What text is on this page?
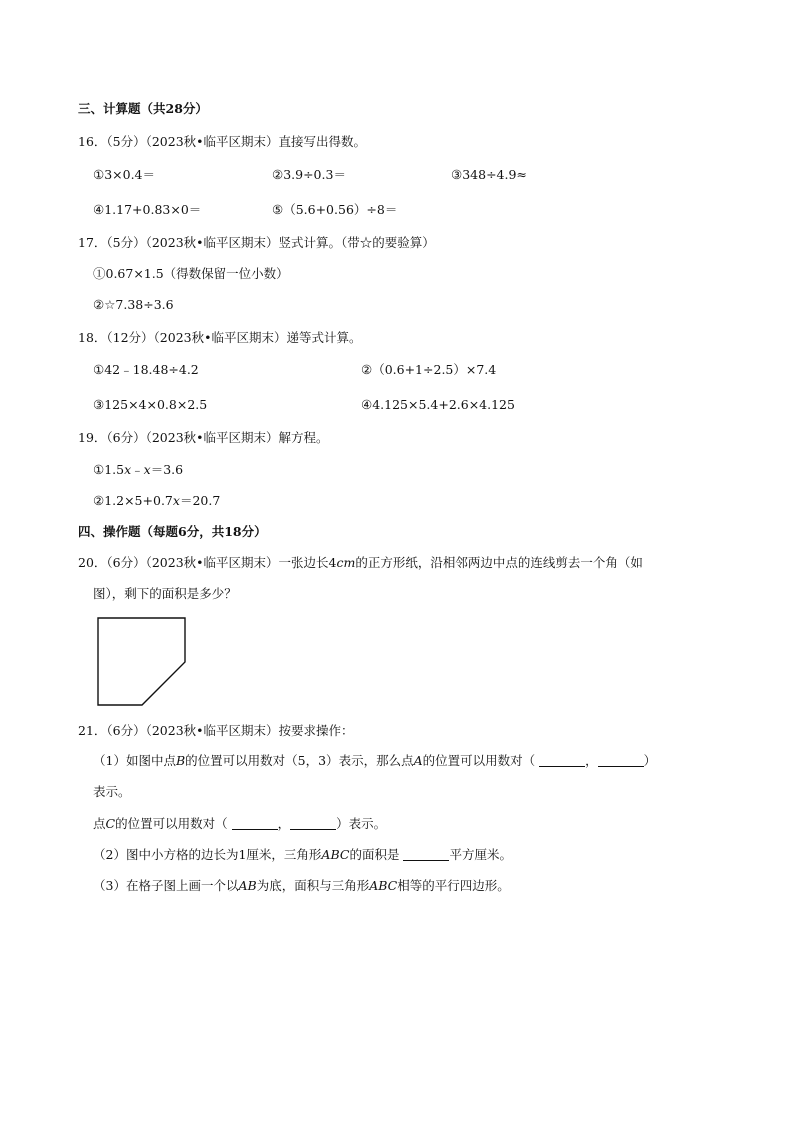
三、计算题（共28分）
16．（5分）（2023秋•临平区期末）直接写出得数。
①3×0.4＝	②3.9÷0.3＝	③348÷4.9≈
④1.17+0.83×0＝	⑤（5.6+0.56）÷8＝
17．（5分）（2023秋•临平区期末）竖式计算。（带☆的要验算）
①0.67×1.5（得数保留一位小数）
②☆7.38÷3.6
18．（12分）（2023秋•临平区期末）递等式计算。
①42﹣18.48÷4.2	②（0.6+1÷2.5）×7.4
③125×4×0.8×2.5	④4.125×5.4+2.6×4.125
19．（6分）（2023秋•临平区期末）解方程。
①1.5x﹣x＝3.6
②1.2×5+0.7x＝20.7
四、操作题（每题6分，共18分）
20．（6分）（2023秋•临平区期末）一张边长4cm的正方形纸，沿相邻两边中点的连线剪去一个角（如
图），剩下的面积是多少？
21．（6分）（2023秋•临平区期末）按要求操作：
（1）如图中点B的位置可以用数对（5，3）表示，那么点A的位置可以用数对（	，	）
表示。
点C的位置可以用数对（	，	）表示。
（2）图中小方格的边长为1厘米，三角形ABC的面积是	平方厘米。
（3）在格子图上画一个以AB为底，面积与三角形ABC相等的平行四边形。
